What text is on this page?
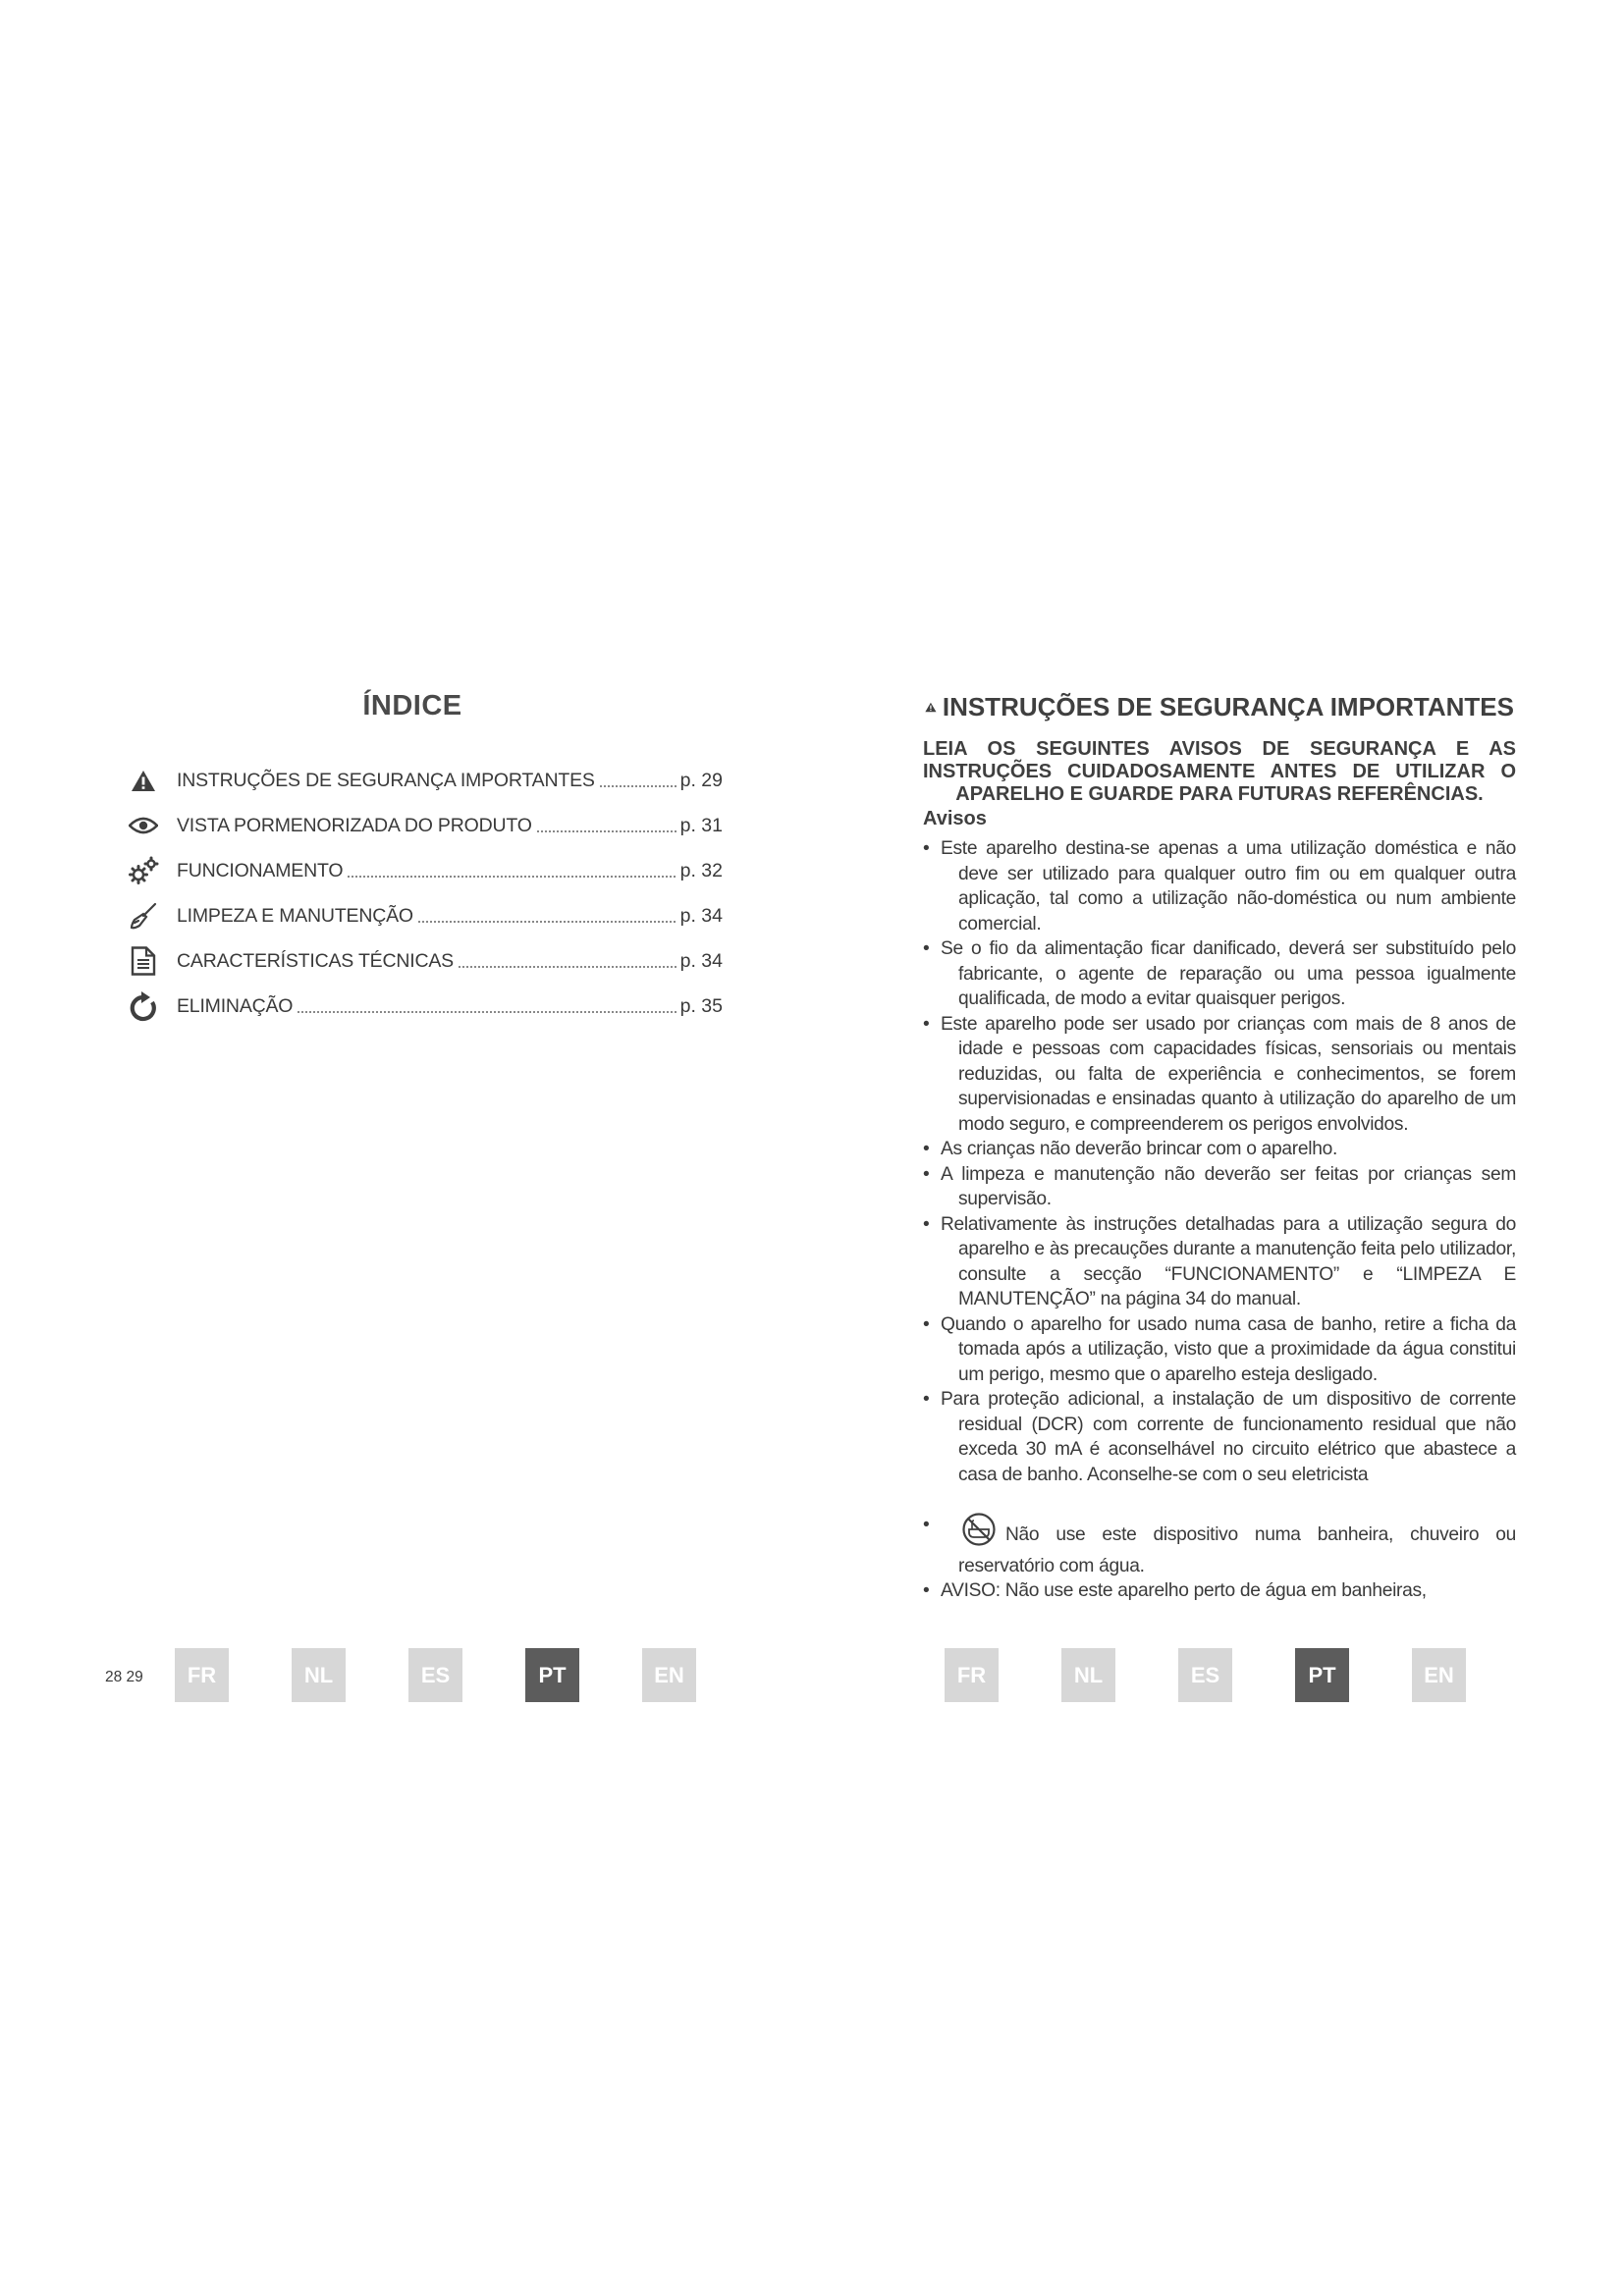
ÍNDICE
INSTRUÇÕES DE SEGURANÇA IMPORTANTES	p. 29
VISTA PORMENORIZADA DO PRODUTO	p. 31
FUNCIONAMENTO	p. 32
LIMPEZA E MANUTENÇÃO	p. 34
CARACTERÍSTICAS TÉCNICAS	p. 34
ELIMINAÇÃO	p. 35
28 29	FR	NL	ES	PT	EN
INSTRUÇÕES DE SEGURANÇA IMPORTANTES
LEIA OS SEGUINTES AVISOS DE SEGURANÇA E AS INSTRUÇÕES CUIDADOSAMENTE ANTES DE UTILIZAR O APARELHO E GUARDE PARA FUTURAS REFERÊNCIAS.
Avisos
• Este aparelho destina-se apenas a uma utilização doméstica e não deve ser utilizado para qualquer outro fim ou em qualquer outra aplicação, tal como a utilização não-doméstica ou num ambiente comercial.
• Se o fio da alimentação ficar danificado, deverá ser substituído pelo fabricante, o agente de reparação ou uma pessoa igualmente qualificada, de modo a evitar quaisquer perigos.
• Este aparelho pode ser usado por crianças com mais de 8 anos de idade e pessoas com capacidades físicas, sensoriais ou mentais reduzidas, ou falta de experiência e conhecimentos, se forem supervisionadas e ensinadas quanto à utilização do aparelho de um modo seguro, e compreenderem os perigos envolvidos.
• As crianças não deverão brincar com o aparelho.
• A limpeza e manutenção não deverão ser feitas por crianças sem supervisão.
• Relativamente às instruções detalhadas para a utilização segura do aparelho e às precauções durante a manutenção feita pelo utilizador, consulte a secção “FUNCIONAMENTO” e “LIMPEZA E MANUTENÇÃO” na página 34 do manual.
• Quando o aparelho for usado numa casa de banho, retire a ficha da tomada após a utilização, visto que a proximidade da água constitui um perigo, mesmo que o aparelho esteja desligado.
• Para proteção adicional, a instalação de um dispositivo de corrente residual (DCR) com corrente de funcionamento residual que não exceda 30 mA é aconselhável no circuito elétrico que abastece a casa de banho. Aconselhe-se com o seu eletricista
• Não use este dispositivo numa banheira, chuveiro ou reservatório com água.
• AVISO: Não use este aparelho perto de água em banheiras,
FR	NL	ES	PT	EN
